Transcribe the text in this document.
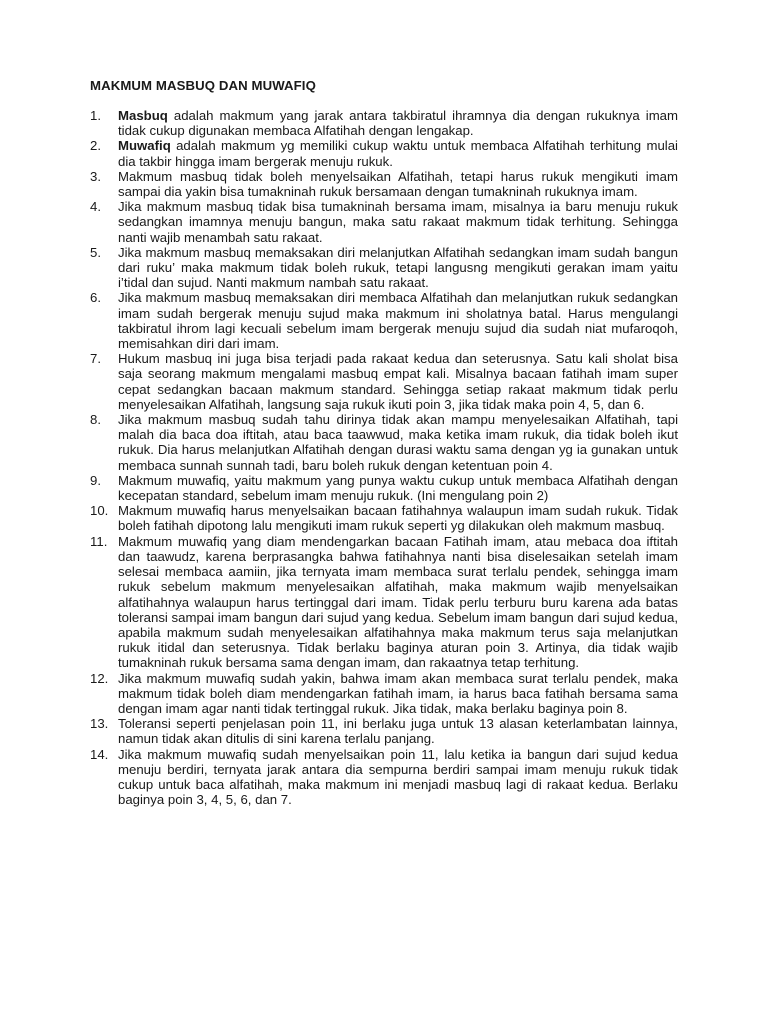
MAKMUM MASBUQ DAN MUWAFIQ
1. Masbuq adalah makmum yang jarak antara takbiratul ihramnya dia dengan rukuknya imam tidak cukup digunakan membaca Alfatihah dengan lengakap.
2. Muwafiq adalah makmum yg memiliki cukup waktu untuk membaca Alfatihah terhitung mulai dia takbir hingga imam bergerak menuju rukuk.
3. Makmum masbuq tidak boleh menyelsaikan Alfatihah, tetapi harus rukuk mengikuti imam sampai dia yakin bisa tumakninah rukuk bersamaan dengan tumakninah rukuknya imam.
4. Jika makmum masbuq tidak bisa tumakninah bersama imam, misalnya ia baru menuju rukuk sedangkan imamnya menuju bangun, maka satu rakaat makmum tidak terhitung. Sehingga nanti wajib menambah satu rakaat.
5. Jika makmum masbuq memaksakan diri melanjutkan Alfatihah sedangkan imam sudah bangun dari ruku’ maka makmum tidak boleh rukuk, tetapi langusng mengikuti gerakan imam yaitu i’tidal dan sujud. Nanti makmum nambah satu rakaat.
6. Jika makmum masbuq memaksakan diri membaca Alfatihah dan melanjutkan rukuk sedangkan imam sudah bergerak menuju sujud maka makmum ini sholatnya batal. Harus mengulangi takbiratul ihrom lagi kecuali sebelum imam bergerak menuju sujud dia sudah niat mufaroqoh, memisahkan diri dari imam.
7. Hukum masbuq ini juga bisa terjadi pada rakaat kedua dan seterusnya. Satu kali sholat bisa saja seorang makmum mengalami masbuq empat kali. Misalnya bacaan fatihah imam super cepat sedangkan bacaan makmum standard. Sehingga setiap rakaat makmum tidak perlu menyelesaikan Alfatihah, langsung saja rukuk ikuti poin 3, jika tidak maka poin 4, 5, dan 6.
8. Jika makmum masbuq sudah tahu dirinya tidak akan mampu menyelesaikan Alfatihah, tapi malah dia baca doa iftitah, atau baca taawwud, maka ketika imam rukuk, dia tidak boleh ikut rukuk. Dia harus melanjutkan Alfatihah dengan durasi waktu sama dengan yg ia gunakan untuk membaca sunnah sunnah tadi, baru boleh rukuk dengan ketentuan poin 4.
9. Makmum muwafiq, yaitu makmum yang punya waktu cukup untuk membaca Alfatihah dengan kecepatan standard, sebelum imam menuju rukuk. (Ini mengulang poin 2)
10. Makmum muwafiq harus menyelsaikan bacaan fatihahnya walaupun imam sudah rukuk. Tidak boleh fatihah dipotong lalu mengikuti imam rukuk seperti yg dilakukan oleh makmum masbuq.
11. Makmum muwafiq yang diam mendengarkan bacaan Fatihah imam, atau mebaca doa iftitah dan taawudz, karena berprasangka bahwa fatihahnya nanti bisa diselesaikan setelah imam selesai membaca aamiin, jika ternyata imam membaca surat terlalu pendek, sehingga imam rukuk sebelum makmum menyelesaikan alfatihah, maka makmum wajib menyelsaikan alfatihahnya walaupun harus tertinggal dari imam. Tidak perlu terburu buru karena ada batas toleransi sampai imam bangun dari sujud yang kedua. Sebelum imam bangun dari sujud kedua, apabila makmum sudah menyelesaikan alfatihahnya maka makmum terus saja melanjutkan rukuk itidal dan seterusnya. Tidak berlaku baginya aturan poin 3. Artinya, dia tidak wajib tumakninah rukuk bersama sama dengan imam, dan rakaatnya tetap terhitung.
12. Jika makmum muwafiq sudah yakin, bahwa imam akan membaca surat terlalu pendek, maka makmum tidak boleh diam mendengarkan fatihah imam, ia harus baca fatihah bersama sama dengan imam agar nanti tidak tertinggal rukuk. Jika tidak, maka berlaku baginya poin 8.
13. Toleransi seperti penjelasan poin 11, ini berlaku juga untuk 13 alasan keterlambatan lainnya, namun tidak akan ditulis di sini karena terlalu panjang.
14. Jika makmum muwafiq sudah menyelsaikan poin 11, lalu ketika ia bangun dari sujud kedua menuju berdiri, ternyata jarak antara dia sempurna berdiri sampai imam menuju rukuk tidak cukup untuk baca alfatihah, maka makmum ini menjadi masbuq lagi di rakaat kedua. Berlaku baginya poin 3, 4, 5, 6, dan 7.
